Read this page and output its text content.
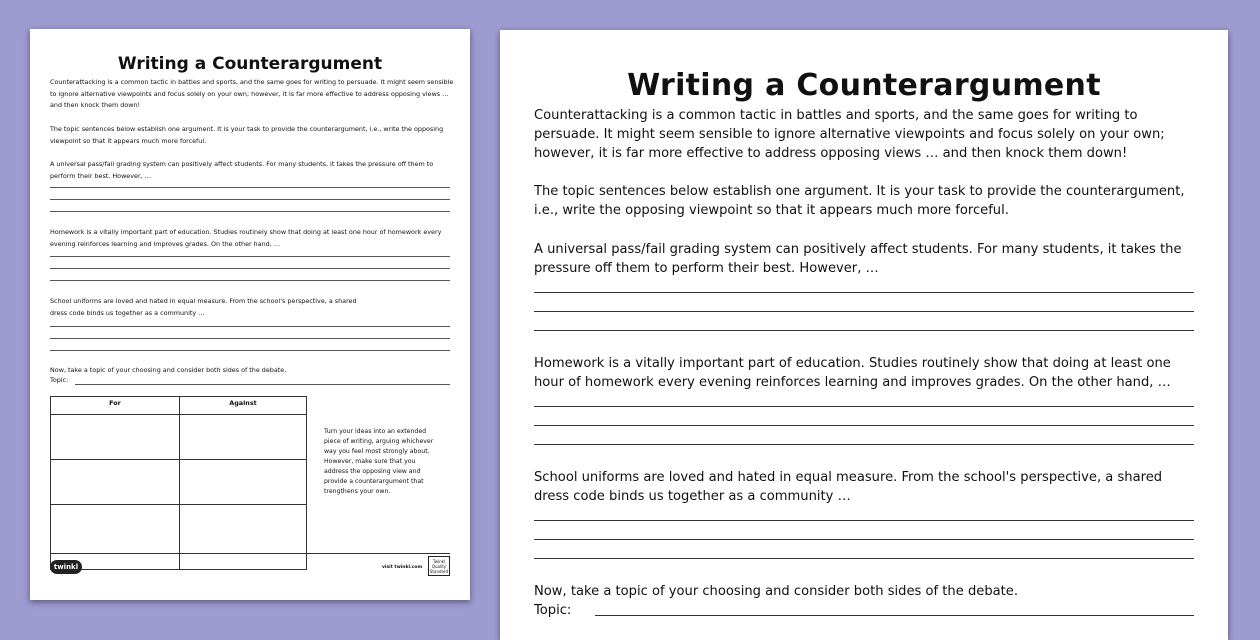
Writing a Counterargument

Counterattacking is a common tactic in battles and sports, and the same goes for writing to persuade. It might seem sensible to ignore alternative viewpoints and focus solely on your own; however, it is far more effective to address opposing views … and then knock them down!

The topic sentences below establish one argument. It is your task to provide the counterargument, i.e., write the opposing viewpoint so that it appears much more forceful.

A universal pass/fail grading system can positively affect students. For many students, it takes the pressure off them to perform their best. However, …

Homework is a vitally important part of education. Studies routinely show that doing at least one hour of homework every evening reinforces learning and improves grades. On the other hand, …

School uniforms are loved and hated in equal measure. From the school's perspective, a shared
dress code binds us together as a community …

Now, take a topic of your choosing and consider both sides of the debate.

Topic:
For	Against
Turn your ideas into an extended piece of writing, arguing whichever way you feel most strongly about. However, make sure that you address the opposing view and provide a counterargument that trengthens your own.
twinkl	visit twinkl.com
Twinkl Quality Standard
Writing a Counterargument

Counterattacking is a common tactic in battles and sports, and the same goes for writing to persuade. It might seem sensible to ignore alternative viewpoints and focus solely on your own; however, it is far more effective to address opposing views … and then knock them down!

The topic sentences below establish one argument. It is your task to provide the counterargument, i.e., write the opposing viewpoint so that it appears much more forceful.

A universal pass/fail grading system can positively affect students. For many students, it takes the pressure off them to perform their best. However, …

Homework is a vitally important part of education. Studies routinely show that doing at least one hour of homework every evening reinforces learning and improves grades. On the other hand, …

School uniforms are loved and hated in equal measure. From the school's perspective, a shared
dress code binds us together as a community …

Now, take a topic of your choosing and consider both sides of the debate.

Topic:
